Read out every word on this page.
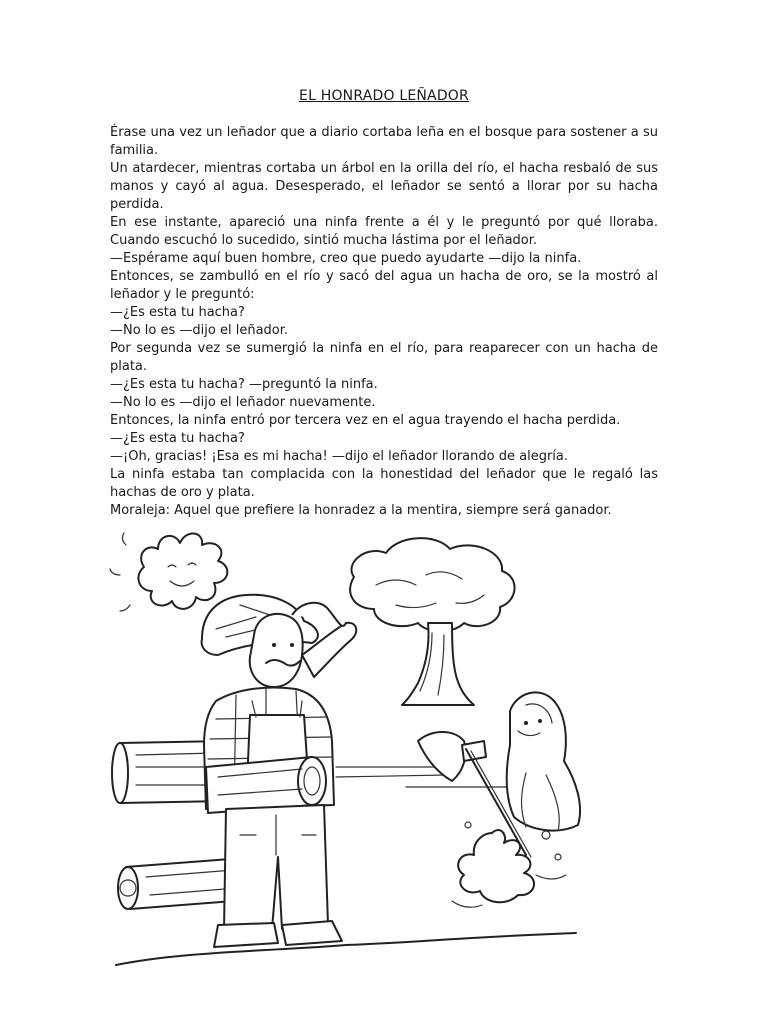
EL HONRADO LEÑADOR

Érase una vez un leñador que a diario cortaba leña en el bosque para sostener a su familia.

Un atardecer, mientras cortaba un árbol en la orilla del río, el hacha resbaló de sus manos y cayó al agua. Desesperado, el leñador se sentó a llorar por su hacha perdida.

En ese instante, apareció una ninfa frente a él y le preguntó por qué lloraba. Cuando escuchó lo sucedido, sintió mucha lástima por el leñador.

—Espérame aquí buen hombre, creo que puedo ayudarte —dijo la ninfa.

Entonces, se zambulló en el río y sacó del agua un hacha de oro, se la mostró al leñador y le preguntó:

—¿Es esta tu hacha?

—No lo es —dijo el leñador.

Por segunda vez se sumergió la ninfa en el río, para reaparecer con un hacha de plata.

—¿Es esta tu hacha? —preguntó la ninfa.

—No lo es —dijo el leñador nuevamente.

Entonces, la ninfa entró por tercera vez en el agua trayendo el hacha perdida.

—¿Es esta tu hacha?

—¡Oh, gracias! ¡Esa es mi hacha! —dijo el leñador llorando de alegría.

La ninfa estaba tan complacida con la honestidad del leñador que le regaló las hachas de oro y plata.

Moraleja: Aquel que prefiere la honradez a la mentira, siempre será ganador.
